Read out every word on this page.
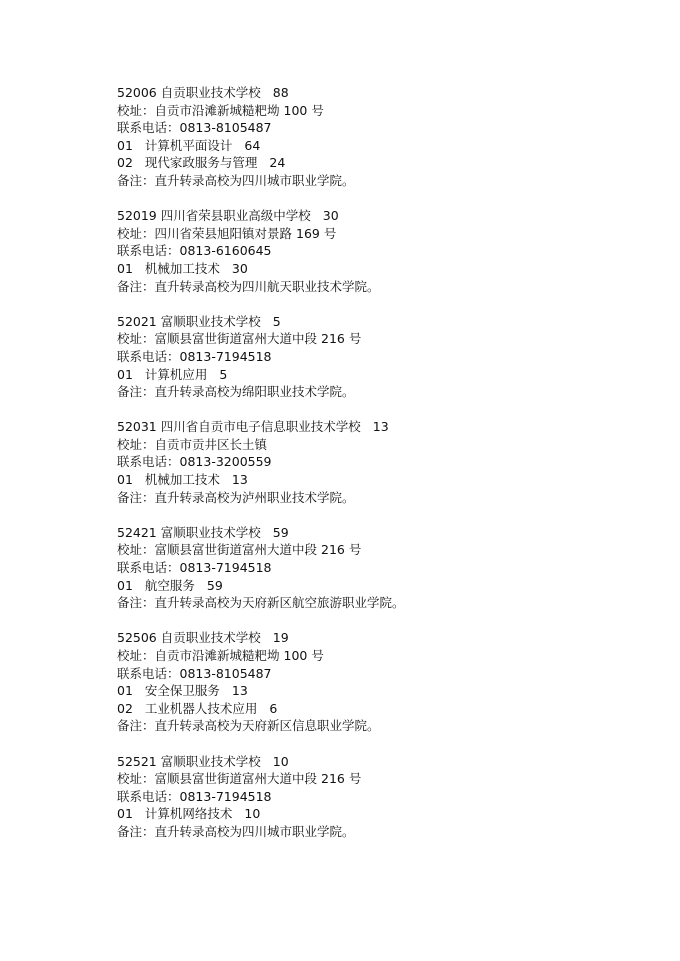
52006 自贡职业技术学校 88
校址：自贡市沿滩新城糙粑坳 100 号
联系电话：0813-8105487
01 计算机平面设计 64
02 现代家政服务与管理 24
备注：直升转录高校为四川城市职业学院。
52019 四川省荣县职业高级中学校 30
校址：四川省荣县旭阳镇对景路 169 号
联系电话：0813-6160645
01 机械加工技术 30
备注：直升转录高校为四川航天职业技术学院。
52021 富顺职业技术学校 5
校址：富顺县富世街道富州大道中段 216 号
联系电话：0813-7194518
01 计算机应用 5
备注：直升转录高校为绵阳职业技术学院。
52031 四川省自贡市电子信息职业技术学校 13
校址：自贡市贡井区长土镇
联系电话：0813-3200559
01 机械加工技术 13
备注：直升转录高校为泸州职业技术学院。
52421 富顺职业技术学校 59
校址：富顺县富世街道富州大道中段 216 号
联系电话：0813-7194518
01 航空服务 59
备注：直升转录高校为天府新区航空旅游职业学院。
52506 自贡职业技术学校 19
校址：自贡市沿滩新城糙粑坳 100 号
联系电话：0813-8105487
01 安全保卫服务 13
02 工业机器人技术应用 6
备注：直升转录高校为天府新区信息职业学院。
52521 富顺职业技术学校 10
校址：富顺县富世街道富州大道中段 216 号
联系电话：0813-7194518
01 计算机网络技术 10
备注：直升转录高校为四川城市职业学院。
